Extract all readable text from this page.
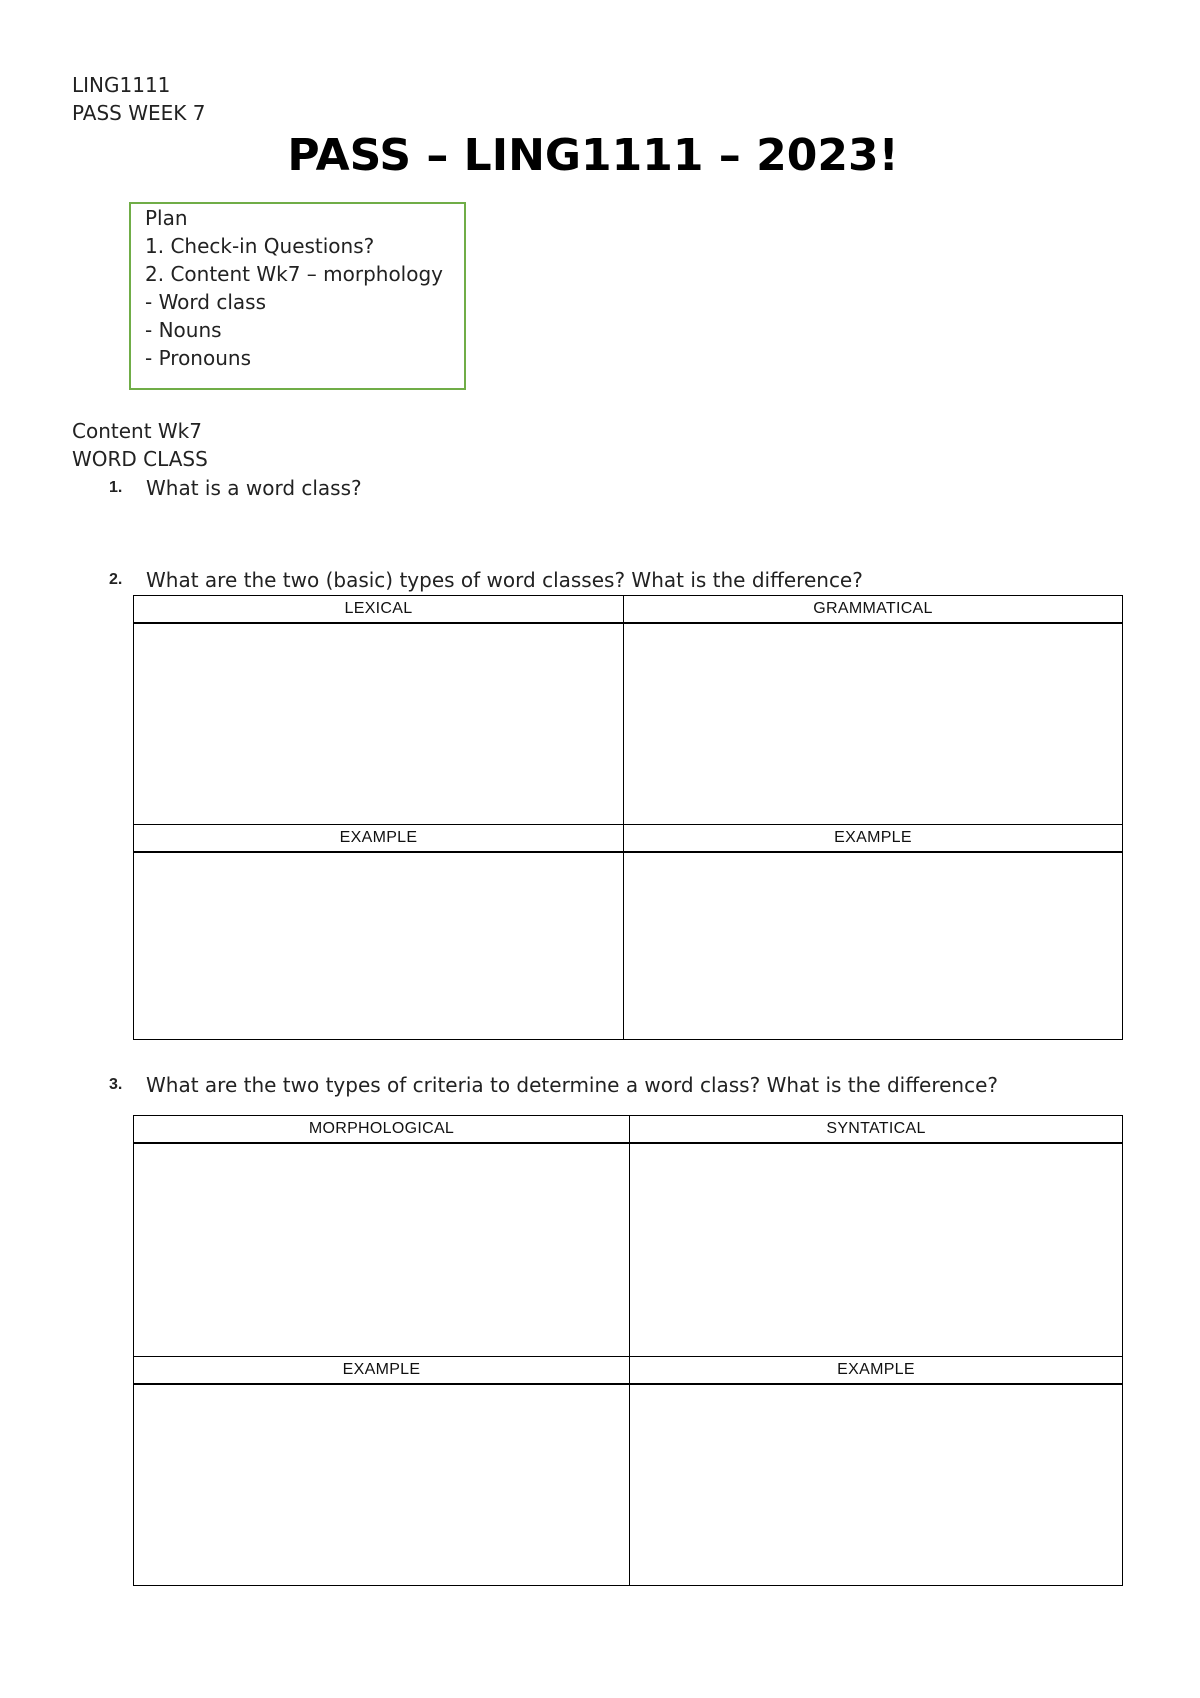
LING1111
PASS WEEK 7
PASS – LING1111 – 2023!
Plan
1. Check-in Questions?
2. Content Wk7 – morphology
- Word class
- Nouns
- Pronouns
Content Wk7
WORD CLASS
1. What is a word class?
2. What are the two (basic) types of word classes? What is the difference?
LEXICAL	GRAMMATICAL

EXAMPLE	EXAMPLE

3. What are the two types of criteria to determine a word class? What is the difference?
MORPHOLOGICAL	SYNTATICAL

EXAMPLE	EXAMPLE
